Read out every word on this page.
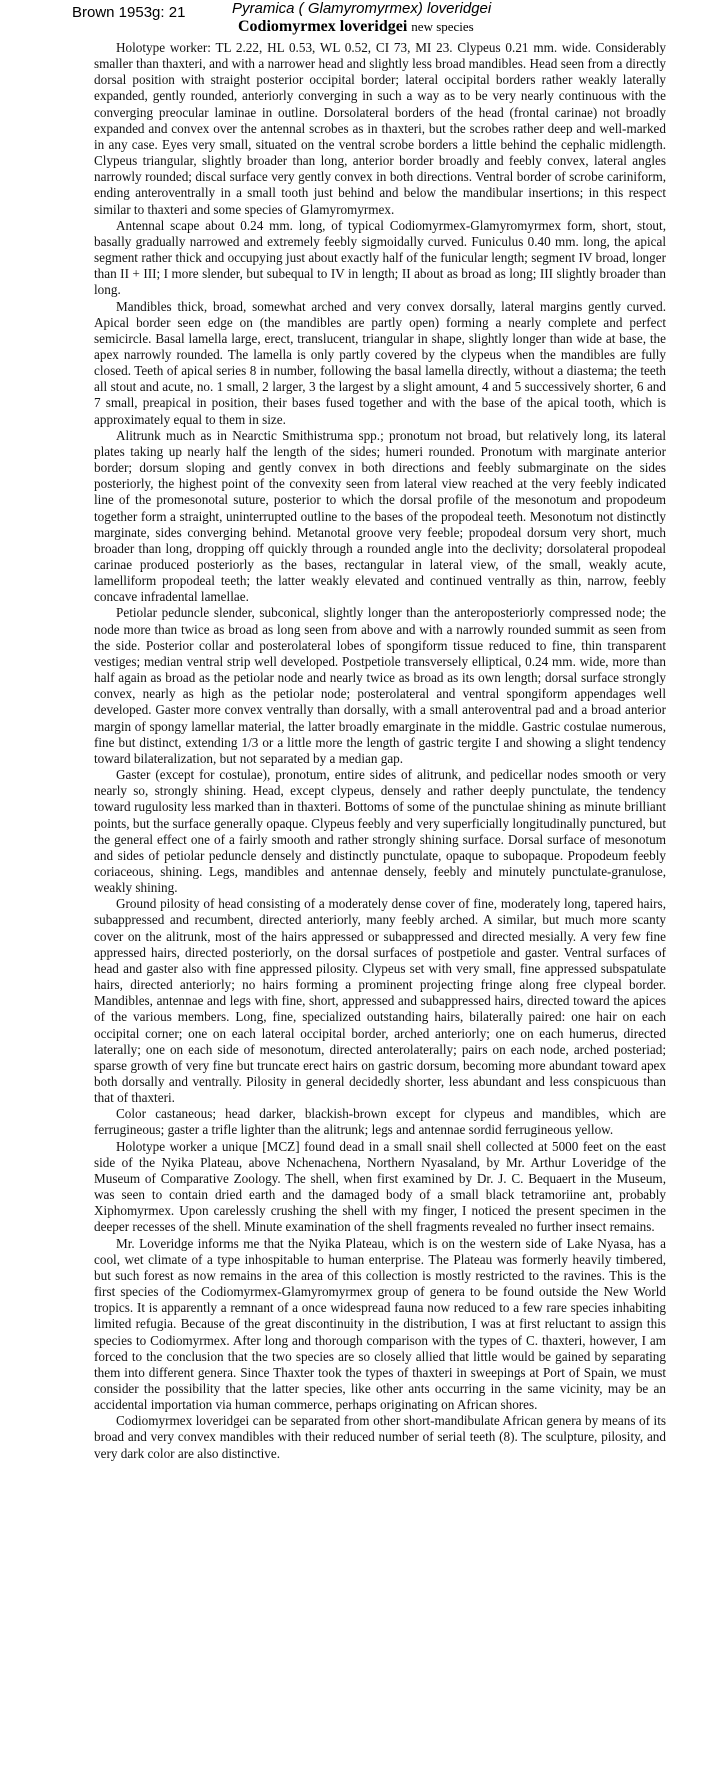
Brown 1953g: 21	Pyramica ( Glamyromyrmex) loveridgei
Codiomyrmex loveridgei new species

Holotype worker: TL 2.22, HL 0.53, WL 0.52, CI 73, MI 23. Clypeus 0.21 mm. wide. Considerably smaller than thaxteri, and with a narrower head and slightly less broad mandibles. Head seen from a directly dorsal position with straight posterior occipital border; lateral occipital borders rather weakly laterally expanded, gently rounded, anteriorly converging in such a way as to be very nearly continuous with the converging preocular laminae in outline. Dorsolateral borders of the head (frontal carinae) not broadly expanded and convex over the antennal scrobes as in thaxteri, but the scrobes rather deep and well-marked in any case. Eyes very small, situated on the ventral scrobe borders a little behind the cephalic midlength. Clypeus triangular, slightly broader than long, anterior border broadly and feebly convex, lateral angles narrowly rounded; discal surface very gently convex in both directions. Ventral border of scrobe cariniform, ending anteroventrally in a small tooth just behind and below the mandibular insertions; in this respect similar to thaxteri and some species of Glamyromyrmex.

Antennal scape about 0.24 mm. long, of typical Codiomyrmex-Glamyromyrmex form, short, stout, basally gradually narrowed and extremely feebly sigmoidally curved. Funiculus 0.40 mm. long, the apical segment rather thick and occupying just about exactly half of the funicular length; segment IV broad, longer than II + III; I more slender, but subequal to IV in length; II about as broad as long; III slightly broader than long.

Mandibles thick, broad, somewhat arched and very convex dorsally, lateral margins gently curved. Apical border seen edge on (the mandibles are partly open) forming a nearly complete and perfect semicircle. Basal lamella large, erect, translucent, triangular in shape, slightly longer than wide at base, the apex narrowly rounded. The lamella is only partly covered by the clypeus when the mandibles are fully closed. Teeth of apical series 8 in number, following the basal lamella directly, without a diastema; the teeth all stout and acute, no. 1 small, 2 larger, 3 the largest by a slight amount, 4 and 5 successively shorter, 6 and 7 small, preapical in position, their bases fused together and with the base of the apical tooth, which is approximately equal to them in size.

Alitrunk much as in Nearctic Smithistruma spp.; pronotum not broad, but relatively long, its lateral plates taking up nearly half the length of the sides; humeri rounded. Pronotum with marginate anterior border; dorsum sloping and gently convex in both directions and feebly submarginate on the sides posteriorly, the highest point of the convexity seen from lateral view reached at the very feebly indicated line of the promesonotal suture, posterior to which the dorsal profile of the mesonotum and propodeum together form a straight, uninterrupted outline to the bases of the propodeal teeth. Mesonotum not distinctly marginate, sides converging behind. Metanotal groove very feeble; propodeal dorsum very short, much broader than long, dropping off quickly through a rounded angle into the declivity; dorsolateral propodeal carinae produced posteriorly as the bases, rectangular in lateral view, of the small, weakly acute, lamelliform propodeal teeth; the latter weakly elevated and continued ventrally as thin, narrow, feebly concave infradental lamellae.

Petiolar peduncle slender, subconical, slightly longer than the anteroposteriorly compressed node; the node more than twice as broad as long seen from above and with a narrowly rounded summit as seen from the side. Posterior collar and posterolateral lobes of spongiform tissue reduced to fine, thin transparent vestiges; median ventral strip well developed. Postpetiole transversely elliptical, 0.24 mm. wide, more than half again as broad as the petiolar node and nearly twice as broad as its own length; dorsal surface strongly convex, nearly as high as the petiolar node; posterolateral and ventral spongiform appendages well developed. Gaster more convex ventrally than dorsally, with a small anteroventral pad and a broad anterior margin of spongy lamellar material, the latter broadly emarginate in the middle. Gastric costulae numerous, fine but distinct, extending 1/3 or a little more the length of gastric tergite I and showing a slight tendency toward bilateralization, but not separated by a median gap.

Gaster (except for costulae), pronotum, entire sides of alitrunk, and pedicellar nodes smooth or very nearly so, strongly shining. Head, except clypeus, densely and rather deeply punctulate, the tendency toward rugulosity less marked than in thaxteri. Bottoms of some of the punctulae shining as minute brilliant points, but the surface generally opaque. Clypeus feebly and very superficially longitudinally punctured, but the general effect one of a fairly smooth and rather strongly shining surface. Dorsal surface of mesonotum and sides of petiolar peduncle densely and distinctly punctulate, opaque to subopaque. Propodeum feebly coriaceous, shining. Legs, mandibles and antennae densely, feebly and minutely punctulate-granulose, weakly shining.

Ground pilosity of head consisting of a moderately dense cover of fine, moderately long, tapered hairs, subappressed and recumbent, directed anteriorly, many feebly arched. A similar, but much more scanty cover on the alitrunk, most of the hairs appressed or subappressed and directed mesially. A very few fine appressed hairs, directed posteriorly, on the dorsal surfaces of postpetiole and gaster. Ventral surfaces of head and gaster also with fine appressed pilosity. Clypeus set with very small, fine appressed subspatulate hairs, directed anteriorly; no hairs forming a prominent projecting fringe along free clypeal border. Mandibles, antennae and legs with fine, short, appressed and subappressed hairs, directed toward the apices of the various members. Long, fine, specialized outstanding hairs, bilaterally paired: one hair on each occipital corner; one on each lateral occipital border, arched anteriorly; one on each humerus, directed laterally; one on each side of mesonotum, directed anterolaterally; pairs on each node, arched posteriad; sparse growth of very fine but truncate erect hairs on gastric dorsum, becoming more abundant toward apex both dorsally and ventrally. Pilosity in general decidedly shorter, less abundant and less conspicuous than that of thaxteri.

Color castaneous; head darker, blackish-brown except for clypeus and mandibles, which are ferrugineous; gaster a trifle lighter than the alitrunk; legs and antennae sordid ferrugineous yellow.

Holotype worker a unique [MCZ] found dead in a small snail shell collected at 5000 feet on the east side of the Nyika Plateau, above Nchenachena, Northern Nyasaland, by Mr. Arthur Loveridge of the Museum of Comparative Zoology. The shell, when first examined by Dr. J. C. Bequaert in the Museum, was seen to contain dried earth and the damaged body of a small black tetramoriine ant, probably Xiphomyrmex. Upon carelessly crushing the shell with my finger, I noticed the present specimen in the deeper recesses of the shell. Minute examination of the shell fragments revealed no further insect remains.

Mr. Loveridge informs me that the Nyika Plateau, which is on the western side of Lake Nyasa, has a cool, wet climate of a type inhospitable to human enterprise. The Plateau was formerly heavily timbered, but such forest as now remains in the area of this collection is mostly restricted to the ravines. This is the first species of the Codiomyrmex-Glamyromyrmex group of genera to be found outside the New World tropics. It is apparently a remnant of a once widespread fauna now reduced to a few rare species inhabiting limited refugia. Because of the great discontinuity in the distribution, I was at first reluctant to assign this species to Codiomyrmex. After long and thorough comparison with the types of C. thaxteri, however, I am forced to the conclusion that the two species are so closely allied that little would be gained by separating them into different genera. Since Thaxter took the types of thaxteri in sweepings at Port of Spain, we must consider the possibility that the latter species, like other ants occurring in the same vicinity, may be an accidental importation via human commerce, perhaps originating on African shores.

Codiomyrmex loveridgei can be separated from other short-mandibulate African genera by means of its broad and very convex mandibles with their reduced number of serial teeth (8). The sculpture, pilosity, and very dark color are also distinctive.
